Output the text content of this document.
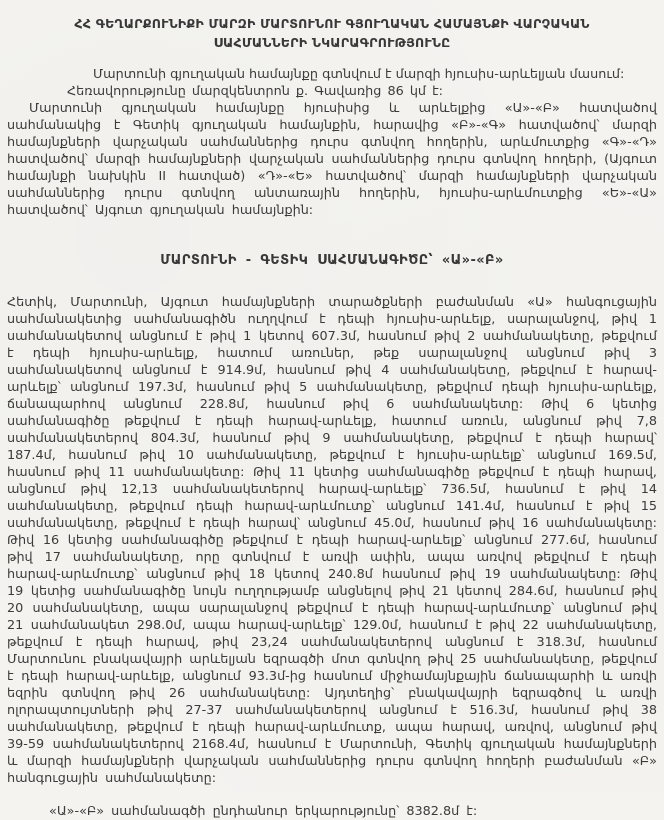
ՀՀ ԳԵՂԱՐՔՈՒՆԻՔԻ ՄԱՐԶԻ ՄԱՐՏՈՒՆՈՒ ԳՅՈՒՂԱԿԱՆ ՀԱՄԱՅՆՔԻ ՎԱՐՉԱԿԱՆ
ՍԱՀՄԱՆՆԵՐԻ ՆԿԱՐԱԳՐՈՒԹՅՈՒՆԸ
Մարտունի գյուղական համայնքը գտնվում է մարզի հյուսիս-արևելյան մասում:
Հեռավորությունը մարզկենտրոն ք. Գավառից 86 կմ է:
Մարտունի գյուղական համայնքը հյուսիսից և արևելքից «Ա»-«Բ» հատվածով սահմանակից է Գետիկ գյուղական համայնքին, հարավից «Բ»-«Գ» հատվածով՝ մարզի համայնքների վարչական սահմաններից դուրս գտնվող հողերին, արևմուտքից «Գ»-«Դ» հատվածով՝ մարզի համայնքների վարչական սահմաններից դուրս գտնվող հողերի, (Այգուտ համայնքի նախկին II հատված) «Դ»-«Ե» հատվածով՝ մարզի համայնքների վարչական սահմաններից դուրս գտնվող անտառային հողերին, հյուսիս-արևմուտքից «Ե»-«Ա» հատվածով՝ Այգուտ գյուղական համայնքին:
ՄԱՐՏՈՒՆԻ - ԳԵՏԻԿ ՍԱՀՄԱՆԱԳԻԾԸ՝ «Ա»-«Բ»
Հետիկ, Մարտունի, Այգուտ համայնքների տարածքների բաժանման «Ա» հանգուցային սահմանակետից սահմանագիծն ուղղվում է դեպի հյուսիս-արևելք, սարալանջով, թիվ 1 սահմանակետով անցնում է թիվ 1 կետով 607.3մ, հասնում թիվ 2 սահմանակետը, թեքվում է դեպի հյուսիս-արևելք, հատում առուներ, թեք սարալանջով անցնում թիվ 3 սահմանակետով անցնում է 914.9մ, հասնում թիվ 4 սահմանակետը, թեքվում է հարավ-արևելք՝ անցնում 197.3մ, հասնում թիվ 5 սահմանակետը, թեքվում դեպի հյուսիս-արևելք, ճանապարհով անցնում 228.8մ, հասնում թիվ 6 սահմանակետը: Թիվ 6 կետից սահմանագիծը թեքվում է դեպի հարավ-արևելք, հատում առուն, անցնում թիվ 7,8 սահմանակետերով 804.3մ, հասնում թիվ 9 սահմանակետը, թեքվում է դեպի հարավ՝ 187.4մ, հասնում թիվ 10 սահմանակետը, թեքվում է հյուսիս-արևելք՝ անցնում 169.5մ, հասնում թիվ 11 սահմանակետը: Թիվ 11 կետից սահմանագիծը թեքվում է դեպի հարավ, անցնում թիվ 12,13 սահմանակետերով հարավ-արևելք՝ 736.5մ, հասնում է թիվ 14 սահմանակետը, թեքվում դեպի հարավ-արևմուտք՝ անցնում 141.4մ, հասնում է թիվ 15 սահմանակետը, թեքվում է դեպի հարավ՝ անցնում 45.0մ, հասնում թիվ 16 սահմանակետը: Թիվ 16 կետից սահմանագիծը թեքվում է դեպի հարավ-արևելք՝ անցնում 277.6մ, հասնում թիվ 17 սահմանակետը, որը գտնվում է առվի ափին, ապա առվով թեքվում է դեպի հարավ-արևմուտք՝ անցնում թիվ 18 կետով 240.8մ հասնում թիվ 19 սահմանակետը: Թիվ 19 կետից սահմանագիծը նույն ուղղությամբ անցնելով թիվ 21 կետով 284.6մ, հասնում թիվ 20 սահմանակետը, ապա սարալանջով թեքվում է դեպի հարավ-արևմուտք՝ անցնում թիվ 21 սահմանակետ 298.0մ, ապա հարավ-արևելք՝ 129.0մ, հասնում է թիվ 22 սահմանակետը, թեքվում է դեպի հարավ, թիվ 23,24 սահմանակետերով անցնում է 318.3մ, հասնում Մարտունու բնակավայրի արևելյան եզրագծի մոտ գտնվող թիվ 25 սահմանակետը, թեքվում է դեպի հարավ-արևելք, անցնում 93.3մ-ից հասնում միջհամայնքային ճանապարհի և առվի եզրին գտնվող թիվ 26 սահմանակետը: Այդտեղից՝ բնակավայրի եզրագծով և առվի ոլորապտույտների թիվ 27-37 սահմանակետերով անցնում է 516.3մ, հասնում թիվ 38 սահմանակետը, թեքվում է դեպի հարավ-արևմուտք, ապա հարավ, առվով, անցնում թիվ 39-59 սահմանակետերով 2168.4մ, հասնում է Մարտունի, Գետիկ գյուղական համայնքների և մարզի համայնքների վարչական սահմաններից դուրս գտնվող հողերի բաժանման «Բ» հանգուցային սահմանակետը:
«Ա»-«Բ» սահմանագծի ընդհանուր երկարությունը՝ 8382.8մ է:
